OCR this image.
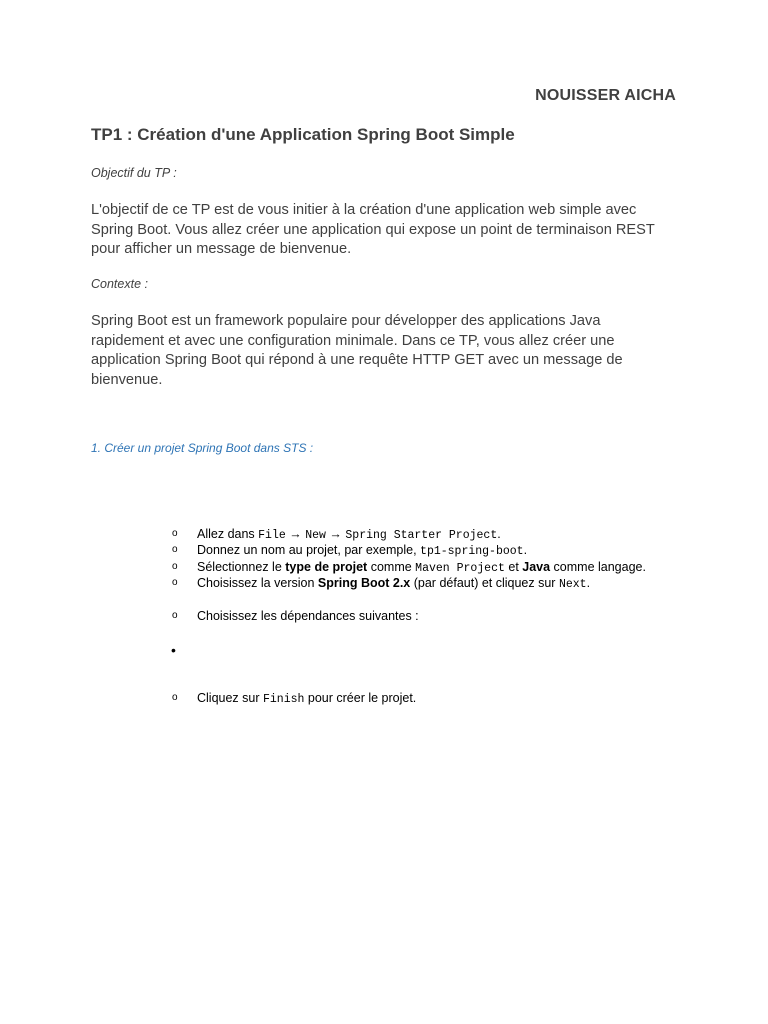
NOUISSER AICHA
TP1 : Création d'une Application Spring Boot Simple
Objectif du TP :
L'objectif de ce TP est de vous initier à la création d'une application web simple avec Spring Boot. Vous allez créer une application qui expose un point de terminaison REST pour afficher un message de bienvenue.
Contexte :
Spring Boot est un framework populaire pour développer des applications Java rapidement et avec une configuration minimale. Dans ce TP, vous allez créer une application Spring Boot qui répond à une requête HTTP GET avec un message de bienvenue.
1. Créer un projet Spring Boot dans STS :
o Allez dans File → New → Spring Starter Project.
o Donnez un nom au projet, par exemple, tp1-spring-boot.
o Sélectionnez le type de projet comme Maven Project et Java comme langage.
o Choisissez la version Spring Boot 2.x (par défaut) et cliquez sur Next.
o Choisissez les dépendances suivantes :
•
o Cliquez sur Finish pour créer le projet.
